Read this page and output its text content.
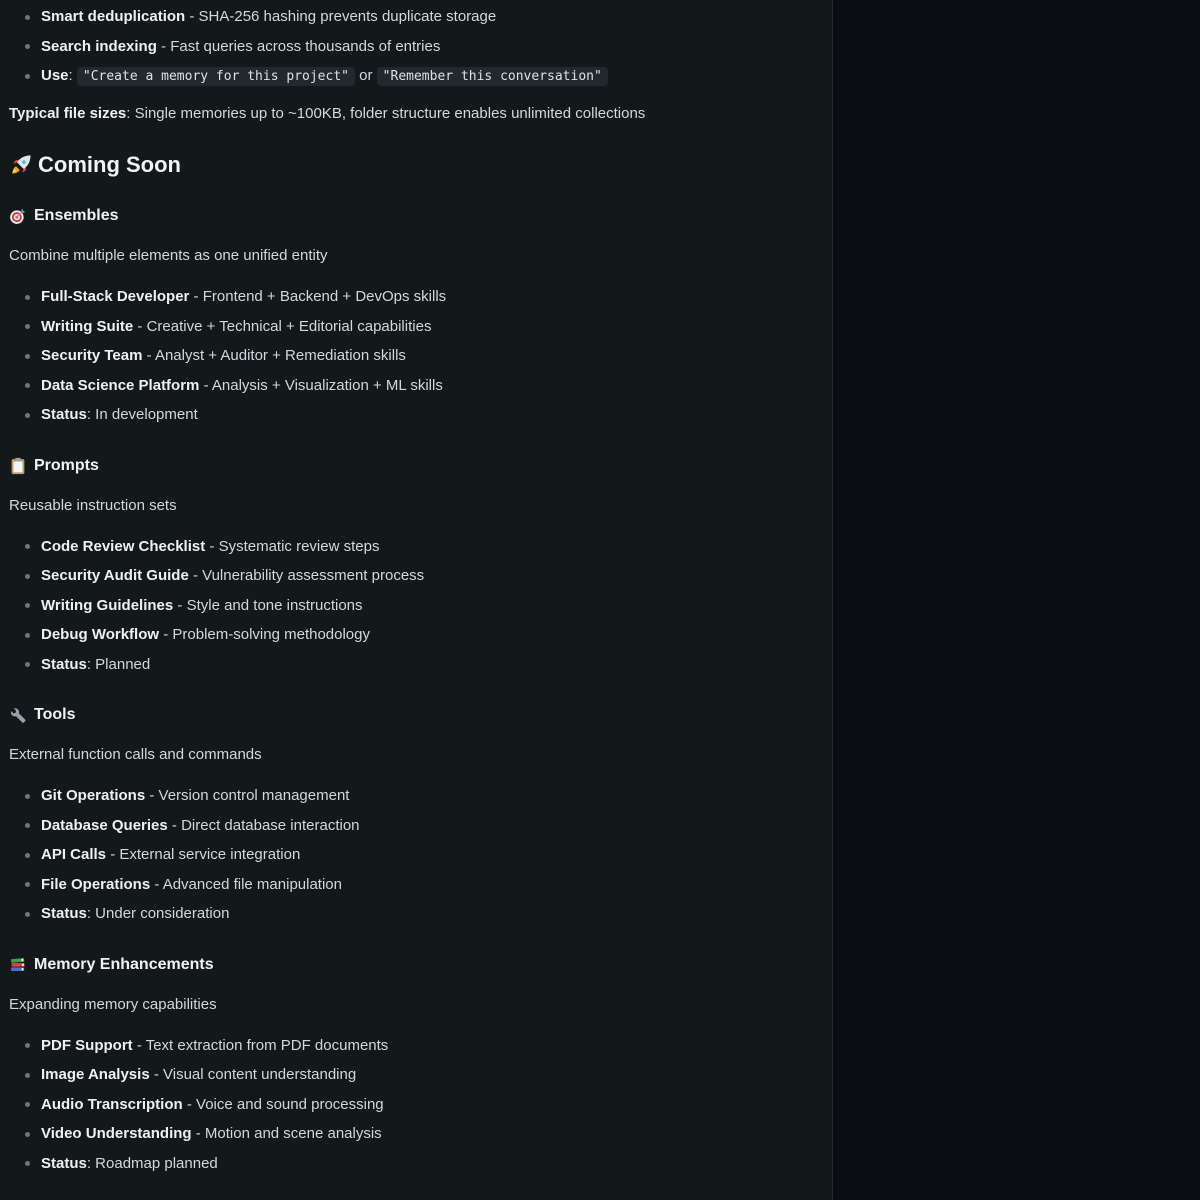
Smart deduplication - SHA-256 hashing prevents duplicate storage
Search indexing - Fast queries across thousands of entries
Use: "Create a memory for this project" or "Remember this conversation"

Typical file sizes: Single memories up to ~100KB, folder structure enables unlimited collections

Coming Soon
Ensembles

Combine multiple elements as one unified entity

Full-Stack Developer - Frontend + Backend + DevOps skills
Writing Suite - Creative + Technical + Editorial capabilities
Security Team - Analyst + Auditor + Remediation skills
Data Science Platform - Analysis + Visualization + ML skills
Status: In development
Prompts

Reusable instruction sets

Code Review Checklist - Systematic review steps
Security Audit Guide - Vulnerability assessment process
Writing Guidelines - Style and tone instructions
Debug Workflow - Problem-solving methodology
Status: Planned
Tools

External function calls and commands

Git Operations - Version control management
Database Queries - Direct database interaction
API Calls - External service integration
File Operations - Advanced file manipulation
Status: Under consideration
Memory Enhancements

Expanding memory capabilities

PDF Support - Text extraction from PDF documents
Image Analysis - Visual content understanding
Audio Transcription - Voice and sound processing
Video Understanding - Motion and scene analysis
Status: Roadmap planned
